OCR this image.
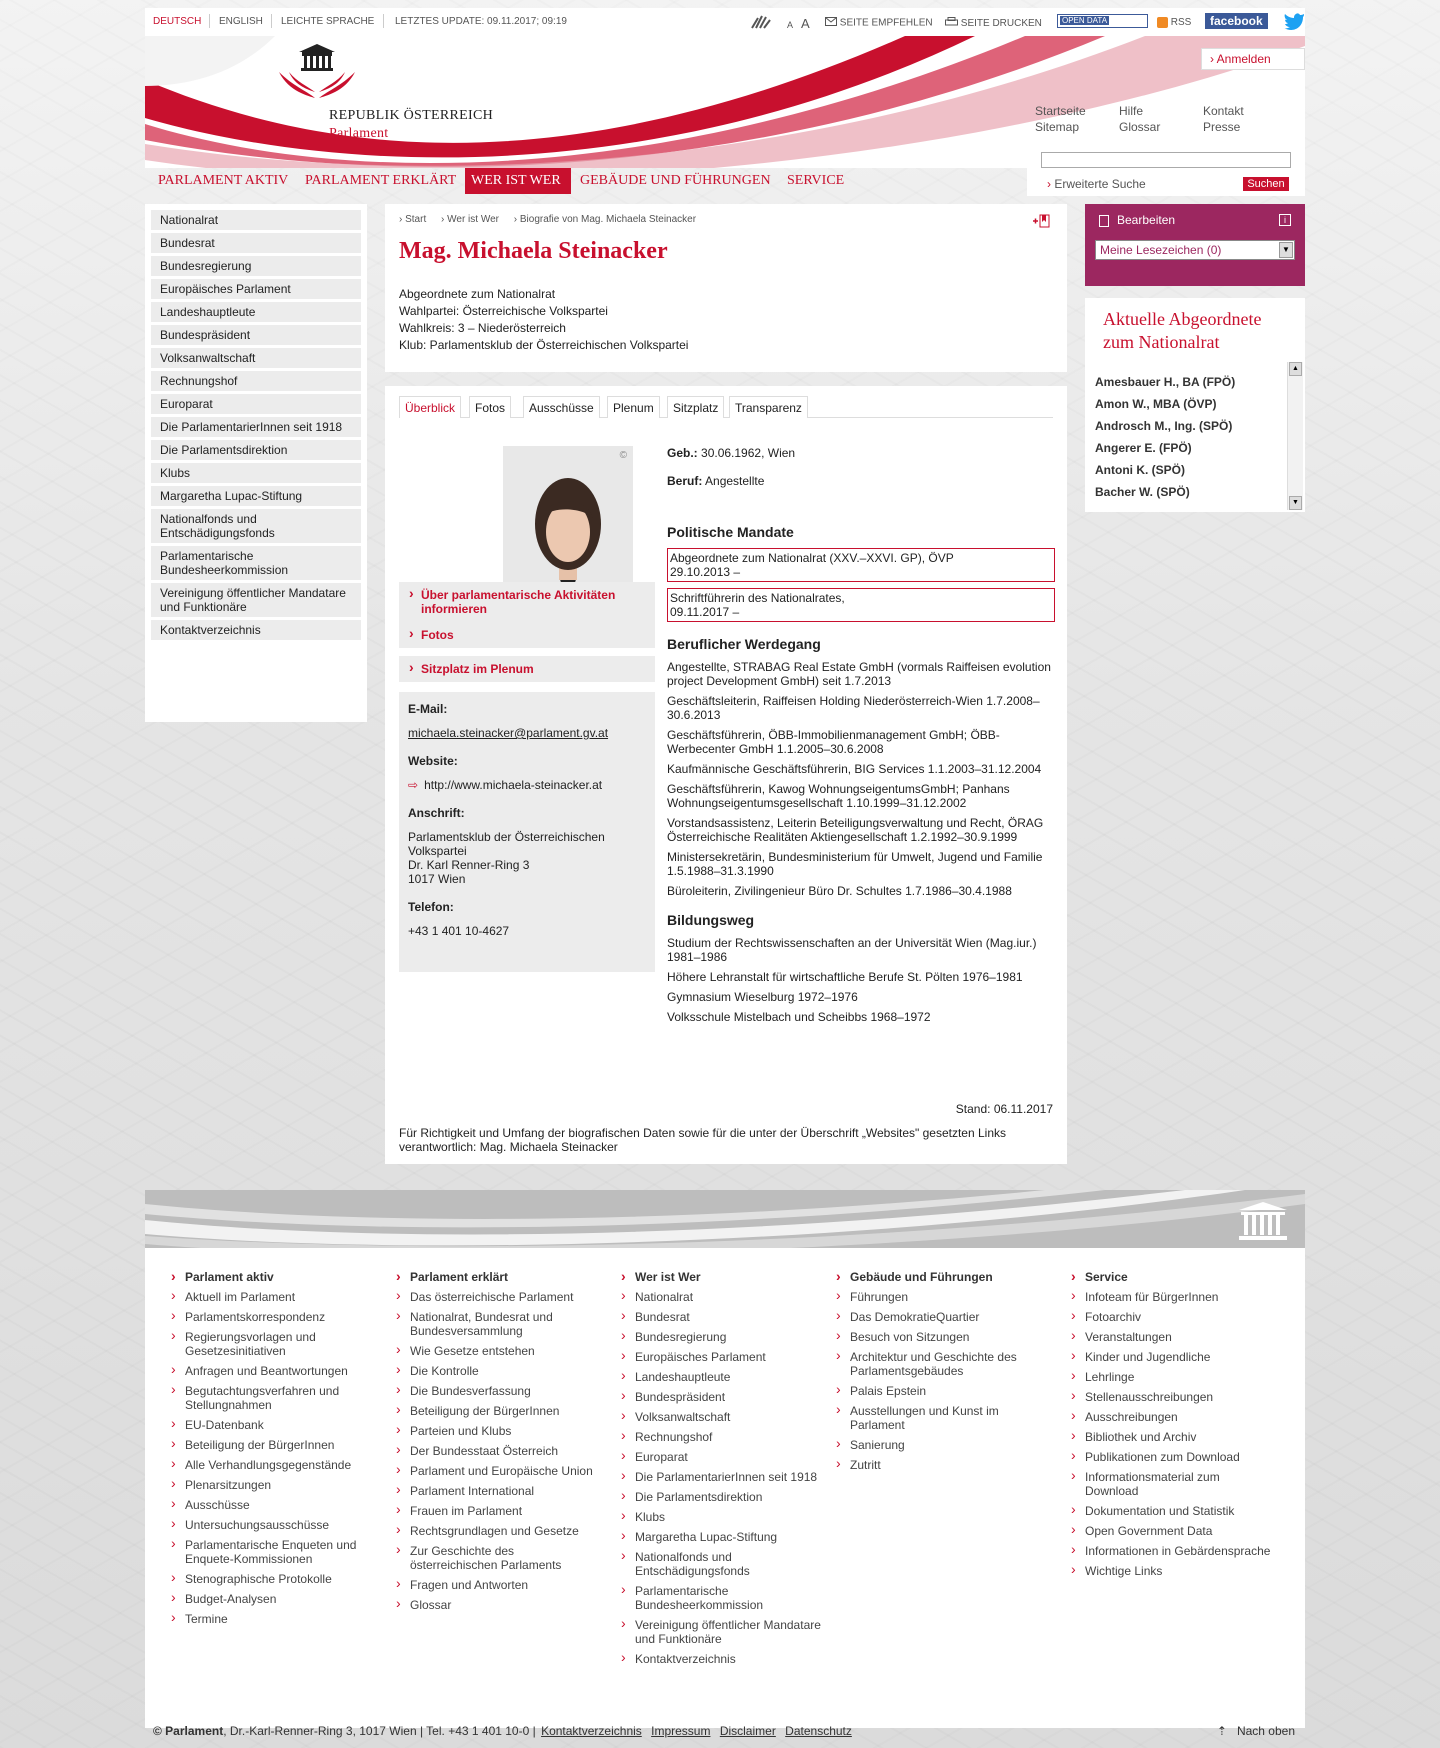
DEUTSCH ENGLISH LEICHTE SPRACHE LETZTES UPDATE: 09.11.2017; 09:19	A A	SEITE EMPFEHLEN	SEITE DRUCKEN	OPEN DATA	RSS	facebook
REPUBLIK ÖSTERREICH
Parlament
› Anmelden
Startseite	Hilfe	Kontakt
Sitemap	Glossar	Presse
PARLAMENT AKTIV	PARLAMENT ERKLÄRT	WER IST WER	GEBÄUDE UND FÜHRUNGEN	SERVICE	› Erweiterte Suche	Suchen
Nationalrat
Bundesrat
Bundesregierung
Europäisches Parlament
Landeshauptleute
Bundespräsident
Volksanwaltschaft
Rechnungshof
Europarat
Die ParlamentarierInnen seit 1918
Die Parlamentsdirektion
Klubs
Margaretha Lupac-Stiftung
Nationalfonds und Entschädigungsfonds
Parlamentarische Bundesheerkommission
Vereinigung öffentlicher Mandatare und Funktionäre
Kontaktverzeichnis
› Start › Wer ist Wer › Biografie von Mag. Michaela Steinacker
Mag. Michaela Steinacker
Abgeordnete zum Nationalrat
Wahlpartei: Österreichische Volkspartei
Wahlkreis: 3 – Niederösterreich
Klub: Parlamentsklub der Österreichischen Volkspartei
Überblick	Fotos	Ausschüsse	Plenum	Sitzplatz	Transparenz
©
› Über parlamentarische Aktivitäten informieren
› Fotos
› Sitzplatz im Plenum
E-Mail:
michaela.steinacker@parlament.gv.at
Website:
⇨ http://www.michaela-steinacker.at
Anschrift:
Parlamentsklub der Österreichischen Volkspartei
Dr. Karl Renner-Ring 3
1017 Wien
Telefon:
+43 1 401 10-4627
Geb.: 30.06.1962, Wien
Beruf: Angestellte
Politische Mandate
Abgeordnete zum Nationalrat (XXV.–XXVI. GP), ÖVP
29.10.2013 –
Schriftführerin des Nationalrates,
09.11.2017 –
Beruflicher Werdegang
Angestellte, STRABAG Real Estate GmbH (vormals Raiffeisen evolution project Development GmbH) seit 1.7.2013
Geschäftsleiterin, Raiffeisen Holding Niederösterreich-Wien 1.7.2008–30.6.2013
Geschäftsführerin, ÖBB-Immobilienmanagement GmbH; ÖBB-Werbecenter GmbH 1.1.2005–30.6.2008
Kaufmännische Geschäftsführerin, BIG Services 1.1.2003–31.12.2004
Geschäftsführerin, Kawog WohnungseigentumsGmbH; Panhans Wohnungseigentumsgesellschaft 1.10.1999–31.12.2002
Vorstandsassistenz, Leiterin Beteiligungsverwaltung und Recht, ÖRAG Österreichische Realitäten Aktiengesellschaft 1.2.1992–30.9.1999
Ministersekretärin, Bundesministerium für Umwelt, Jugend und Familie 1.5.1988–31.3.1990
Büroleiterin, Zivilingenieur Büro Dr. Schultes 1.7.1986–30.4.1988
Bildungsweg
Studium der Rechtswissenschaften an der Universität Wien (Mag.iur.) 1981–1986
Höhere Lehranstalt für wirtschaftliche Berufe St. Pölten 1976–1981
Gymnasium Wieselburg 1972–1976
Volksschule Mistelbach und Scheibbs 1968–1972
Stand: 06.11.2017
Für Richtigkeit und Umfang der biografischen Daten sowie für die unter der Überschrift „Websites" gesetzten Links verantwortlich: Mag. Michaela Steinacker
Bearbeiten	i
Meine Lesezeichen (0)	▼
Aktuelle Abgeordnete zum Nationalrat
Amesbauer H., BA (FPÖ)
Amon W., MBA (ÖVP)
Androsch M., Ing. (SPÖ)
Angerer E. (FPÖ)
Antoni K. (SPÖ)
Bacher W. (SPÖ)
▲
▼
› Parlament aktiv
› Aktuell im Parlament
› Parlamentskorrespondenz
› Regierungsvorlagen und Gesetzesinitiativen
› Anfragen und Beantwortungen
› Begutachtungsverfahren und Stellungnahmen
› EU-Datenbank
› Beteiligung der BürgerInnen
› Alle Verhandlungsgegenstände
› Plenarsitzungen
› Ausschüsse
› Untersuchungsausschüsse
› Parlamentarische Enqueten und Enquete-Kommissionen
› Stenographische Protokolle
› Budget-Analysen
› Termine
› Parlament erklärt
› Das österreichische Parlament
› Nationalrat, Bundesrat und Bundesversammlung
› Wie Gesetze entstehen
› Die Kontrolle
› Die Bundesverfassung
› Beteiligung der BürgerInnen
› Parteien und Klubs
› Der Bundesstaat Österreich
› Parlament und Europäische Union
› Parlament International
› Frauen im Parlament
› Rechtsgrundlagen und Gesetze
› Zur Geschichte des österreichischen Parlaments
› Fragen und Antworten
› Glossar
› Wer ist Wer
› Nationalrat
› Bundesrat
› Bundesregierung
› Europäisches Parlament
› Landeshauptleute
› Bundespräsident
› Volksanwaltschaft
› Rechnungshof
› Europarat
› Die ParlamentarierInnen seit 1918
› Die Parlamentsdirektion
› Klubs
› Margaretha Lupac-Stiftung
› Nationalfonds und Entschädigungsfonds
› Parlamentarische Bundesheerkommission
› Vereinigung öffentlicher Mandatare und Funktionäre
› Kontaktverzeichnis
› Gebäude und Führungen
› Führungen
› Das DemokratieQuartier
› Besuch von Sitzungen
› Architektur und Geschichte des Parlamentsgebäudes
› Palais Epstein
› Ausstellungen und Kunst im Parlament
› Sanierung
› Zutritt
› Service
› Infoteam für BürgerInnen
› Fotoarchiv
› Veranstaltungen
› Kinder und Jugendliche
› Lehrlinge
› Stellenausschreibungen
› Ausschreibungen
› Bibliothek und Archiv
› Publikationen zum Download
› Informationsmaterial zum Download
› Dokumentation und Statistik
› Open Government Data
› Informationen in Gebärdensprache
› Wichtige Links
© Parlament, Dr.-Karl-Renner-Ring 3, 1017 Wien | Tel. +43 1 401 10-0 | Kontaktverzeichnis Impressum Disclaimer Datenschutz	⇡ Nach oben
